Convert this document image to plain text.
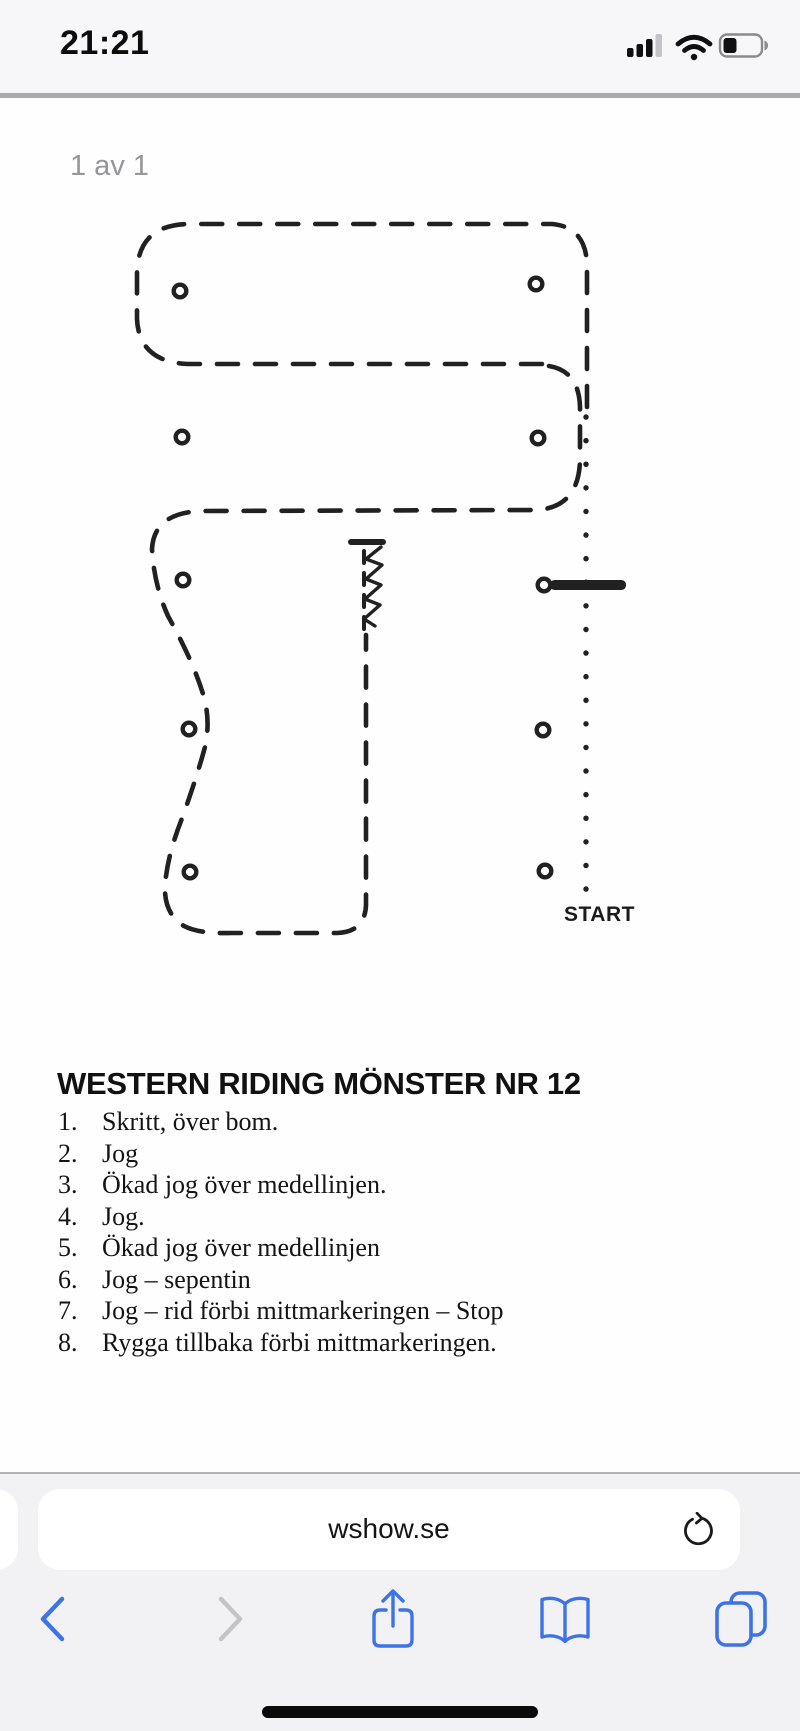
21:21
1 av 1
START
WESTERN RIDING MÖNSTER NR 12
1. Skritt, över bom.
2. Jog
3. Ökad jog över medellinjen.
4. Jog.
5. Ökad jog över medellinjen
6. Jog – sepentin
7. Jog – rid förbi mittmarkeringen – Stop
8. Rygga tillbaka förbi mittmarkeringen.
wshow.se
